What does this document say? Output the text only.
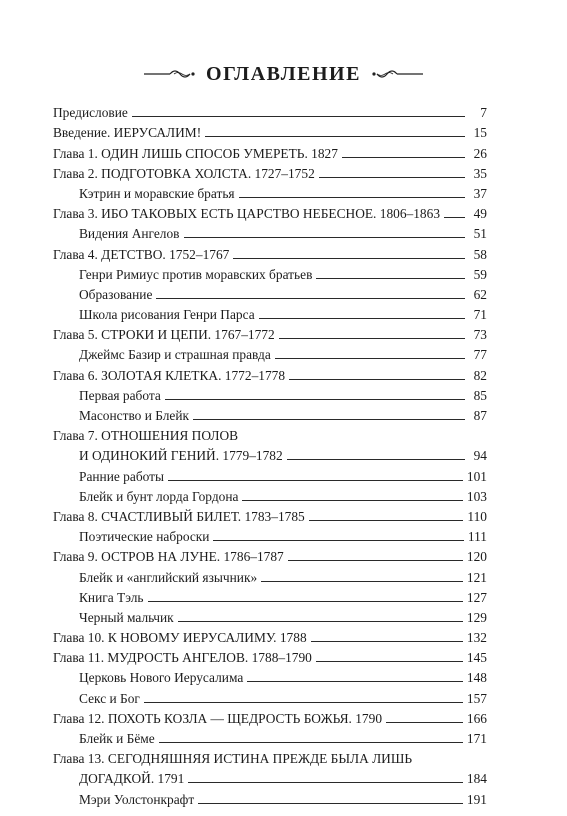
ОГЛАВЛЕНИЕ
Предисловие	7
Введение. ИЕРУСАЛИМ!	15
Глава 1. ОДИН ЛИШЬ СПОСОБ УМЕРЕТЬ. 1827	26
Глава 2. ПОДГОТОВКА ХОЛСТА. 1727–1752	35
Кэтрин и моравские братья	37
Глава 3. ИБО ТАКОВЫХ ЕСТЬ ЦАРСТВО НЕБЕСНОЕ. 1806–1863	49
Видения Ангелов	51
Глава 4. ДЕТСТВО. 1752–1767	58
Генри Римиус против моравских братьев	59
Образование	62
Школа рисования Генри Парса	71
Глава 5. СТРОКИ И ЦЕПИ. 1767–1772	73
Джеймс Базир и страшная правда	77
Глава 6. ЗОЛОТАЯ КЛЕТКА. 1772–1778	82
Первая работа	85
Масонство и Блейк	87
Глава 7. ОТНОШЕНИЯ ПОЛОВ
И ОДИНОКИЙ ГЕНИЙ. 1779–1782	94
Ранние работы	101
Блейк и бунт лорда Гордона	103
Глава 8. СЧАСТЛИВЫЙ БИЛЕТ. 1783–1785	110
Поэтические наброски	111
Глава 9. ОСТРОВ НА ЛУНЕ. 1786–1787	120
Блейк и «английский язычник»	121
Книга Тэль	127
Черный мальчик	129
Глава 10. К НОВОМУ ИЕРУСАЛИМУ. 1788	132
Глава 11. МУДРОСТЬ АНГЕЛОВ. 1788–1790	145
Церковь Нового Иерусалима	148
Секс и Бог	157
Глава 12. ПОХОТЬ КОЗЛА — ЩЕДРОСТЬ БОЖЬЯ. 1790	166
Блейк и Бёме	171
Глава 13. СЕГОДНЯШНЯЯ ИСТИНА ПРЕЖДЕ БЫЛА ЛИШЬ
ДОГАДКОЙ. 1791	184
Мэри Уолстонкрафт	191
